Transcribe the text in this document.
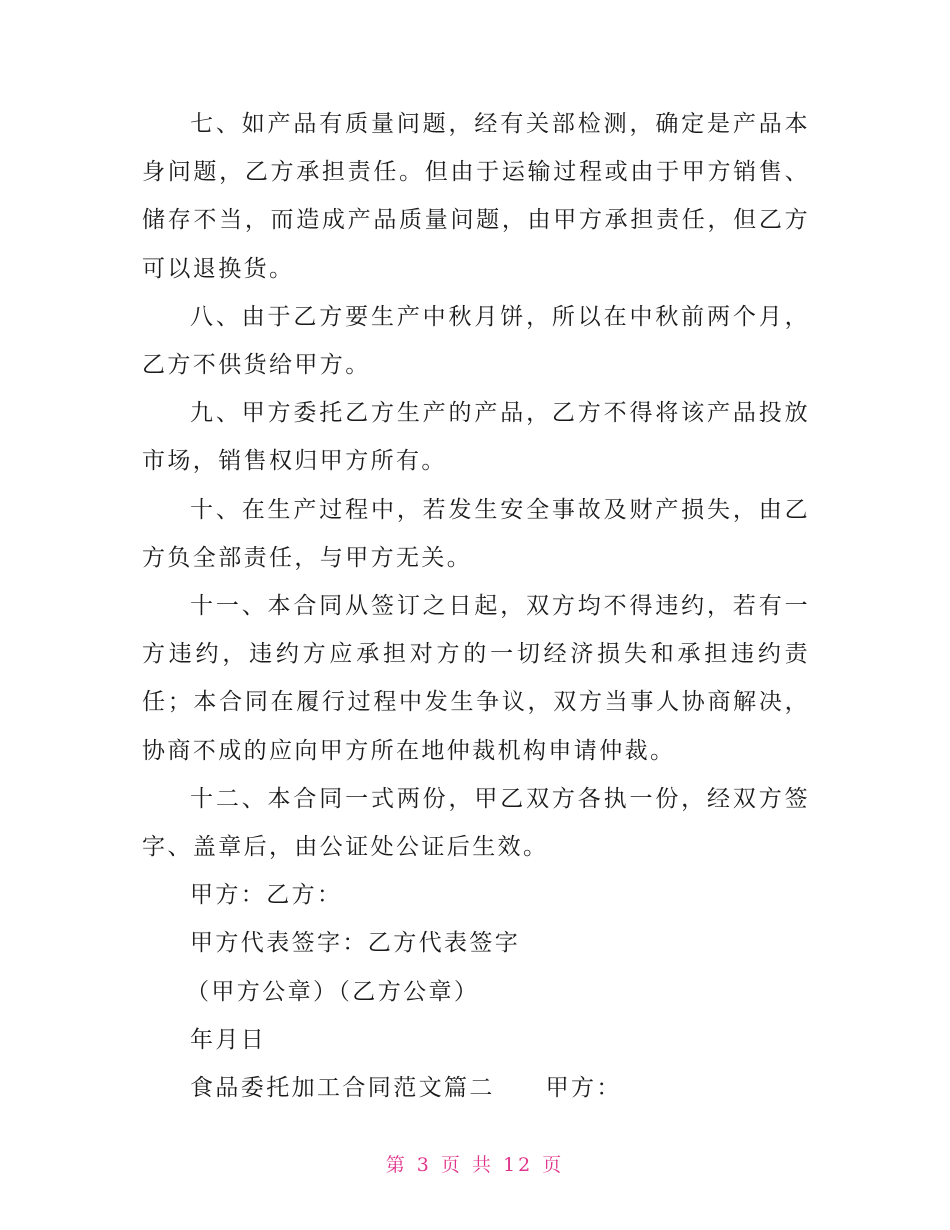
七、如产品有质量问题，经有关部检测，确定是产品本身问题，乙方承担责任。但由于运输过程或由于甲方销售、储存不当，而造成产品质量问题，由甲方承担责任，但乙方可以退换货。

八、由于乙方要生产中秋月饼，所以在中秋前两个月，乙方不供货给甲方。

九、甲方委托乙方生产的产品，乙方不得将该产品投放市场，销售权归甲方所有。

十、在生产过程中，若发生安全事故及财产损失，由乙方负全部责任，与甲方无关。

十一、本合同从签订之日起，双方均不得违约，若有一方违约，违约方应承担对方的一切经济损失和承担违约责任；本合同在履行过程中发生争议，双方当事人协商解决，协商不成的应向甲方所在地仲裁机构申请仲裁。

十二、本合同一式两份，甲乙双方各执一份，经双方签字、盖章后，由公证处公证后生效。

甲方：乙方：

甲方代表签字：乙方代表签字

（甲方公章）（乙方公章）

年月日

食品委托加工合同范文篇二　　甲方：

第 3 页 共 12 页
